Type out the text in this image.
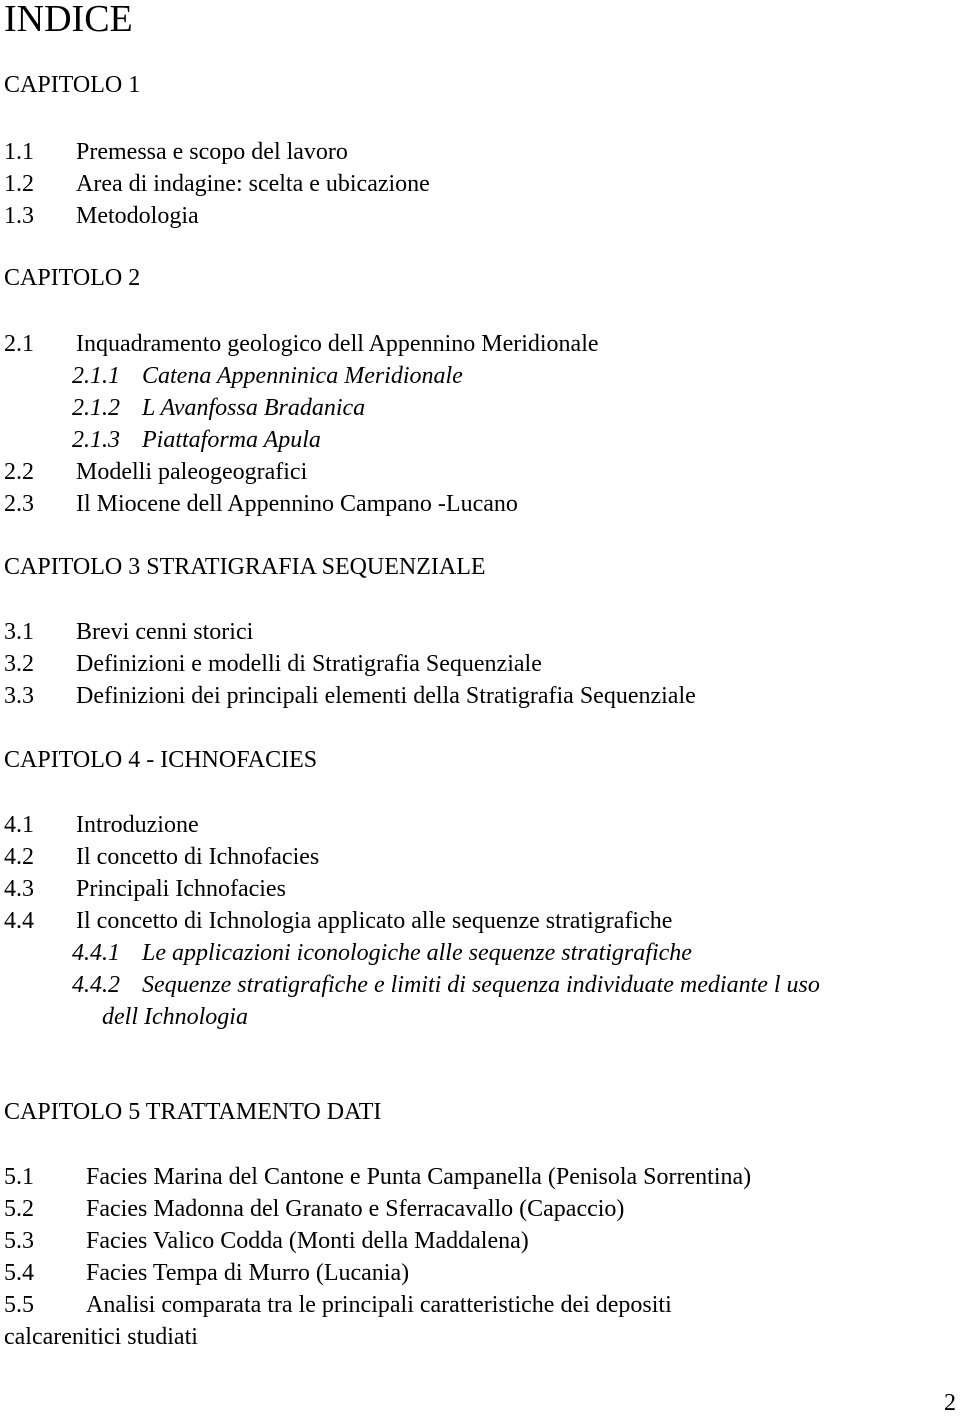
INDICE
CAPITOLO 1
1.1 Premessa e scopo del lavoro
1.2 Area di indagine: scelta e ubicazione
1.3 Metodologia
CAPITOLO 2
2.1 Inquadramento geologico dell Appennino Meridionale
2.1.1 Catena Appenninica Meridionale
2.1.2 L Avanfossa Bradanica
2.1.3 Piattaforma Apula
2.2 Modelli paleogeografici
2.3 Il Miocene dell Appennino Campano -Lucano
CAPITOLO 3 STRATIGRAFIA SEQUENZIALE
3.1 Brevi cenni storici
3.2 Definizioni e modelli di Stratigrafia Sequenziale
3.3 Definizioni dei principali elementi della Stratigrafia Sequenziale
CAPITOLO 4 - ICHNOFACIES
4.1 Introduzione
4.2 Il concetto di Ichnofacies
4.3 Principali Ichnofacies
4.4 Il concetto di Ichnologia applicato alle sequenze stratigrafiche
4.4.1 Le applicazioni iconologiche alle sequenze stratigrafiche
4.4.2 Sequenze stratigrafiche e limiti di sequenza individuate mediante l uso
dell Ichnologia
CAPITOLO 5 TRATTAMENTO DATI
5.1 Facies Marina del Cantone e Punta Campanella (Penisola Sorrentina)
5.2 Facies Madonna del Granato e Sferracavallo (Capaccio)
5.3 Facies Valico Codda (Monti della Maddalena)
5.4 Facies Tempa di Murro (Lucania)
5.5 Analisi comparata tra le principali caratteristiche dei depositi
calcarenitici studiati
2
